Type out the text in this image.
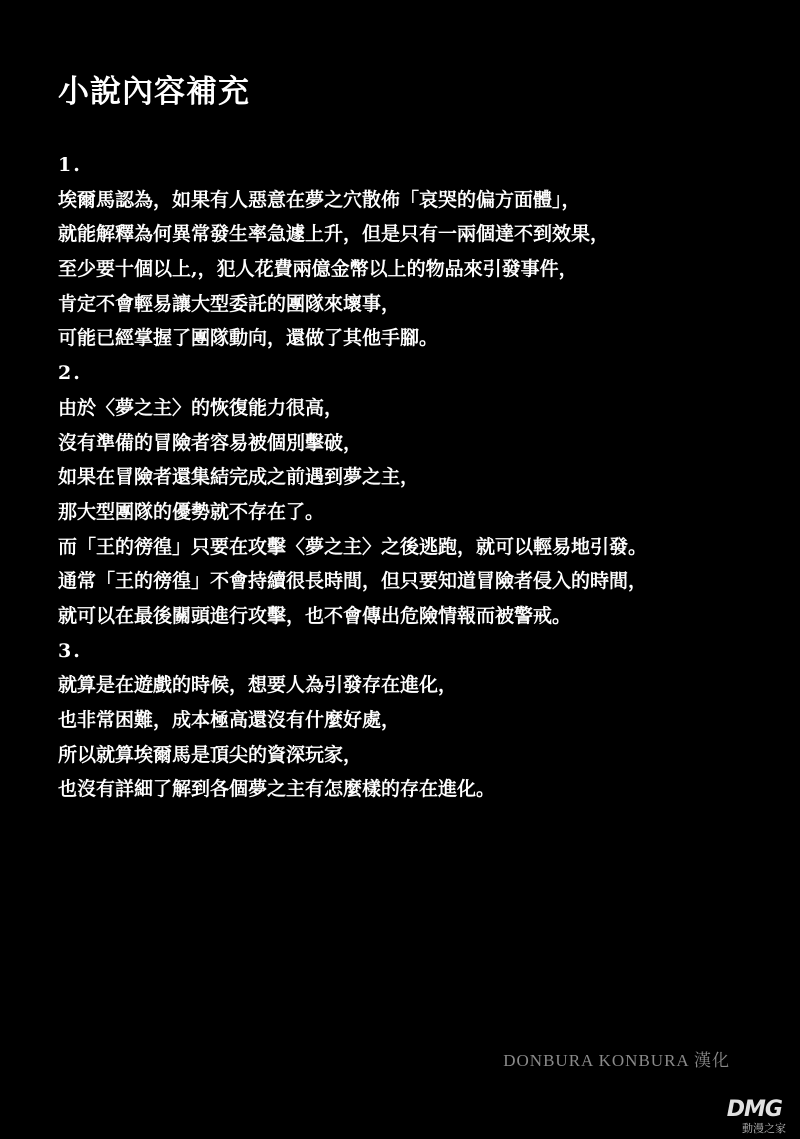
小說內容補充
1.
埃爾馬認為，如果有人惡意在夢之穴散佈「哀哭的偏方面體」，
就能解釋為何異常發生率急遽上升，但是只有一兩個達不到效果，
至少要十個以上,，犯人花費兩億金幣以上的物品來引發事件，
肯定不會輕易讓大型委託的團隊來壞事，
可能已經掌握了團隊動向，還做了其他手腳。
2.
由於〈夢之主〉的恢復能力很高，
沒有準備的冒險者容易被個別擊破，
如果在冒險者還集結完成之前遇到夢之主，
那大型團隊的優勢就不存在了。
而「王的徬徨」只要在攻擊〈夢之主〉之後逃跑，就可以輕易地引發。
通常「王的徬徨」不會持續很長時間，但只要知道冒險者侵入的時間，
就可以在最後關頭進行攻擊，也不會傳出危險情報而被警戒。
3.
就算是在遊戲的時候，想要人為引發存在進化，
也非常困難，成本極高還沒有什麼好處，
所以就算埃爾馬是頂尖的資深玩家，
也沒有詳細了解到各個夢之主有怎麼樣的存在進化。
DONBURA KONBURA 漢化
DMG
動漫之家
